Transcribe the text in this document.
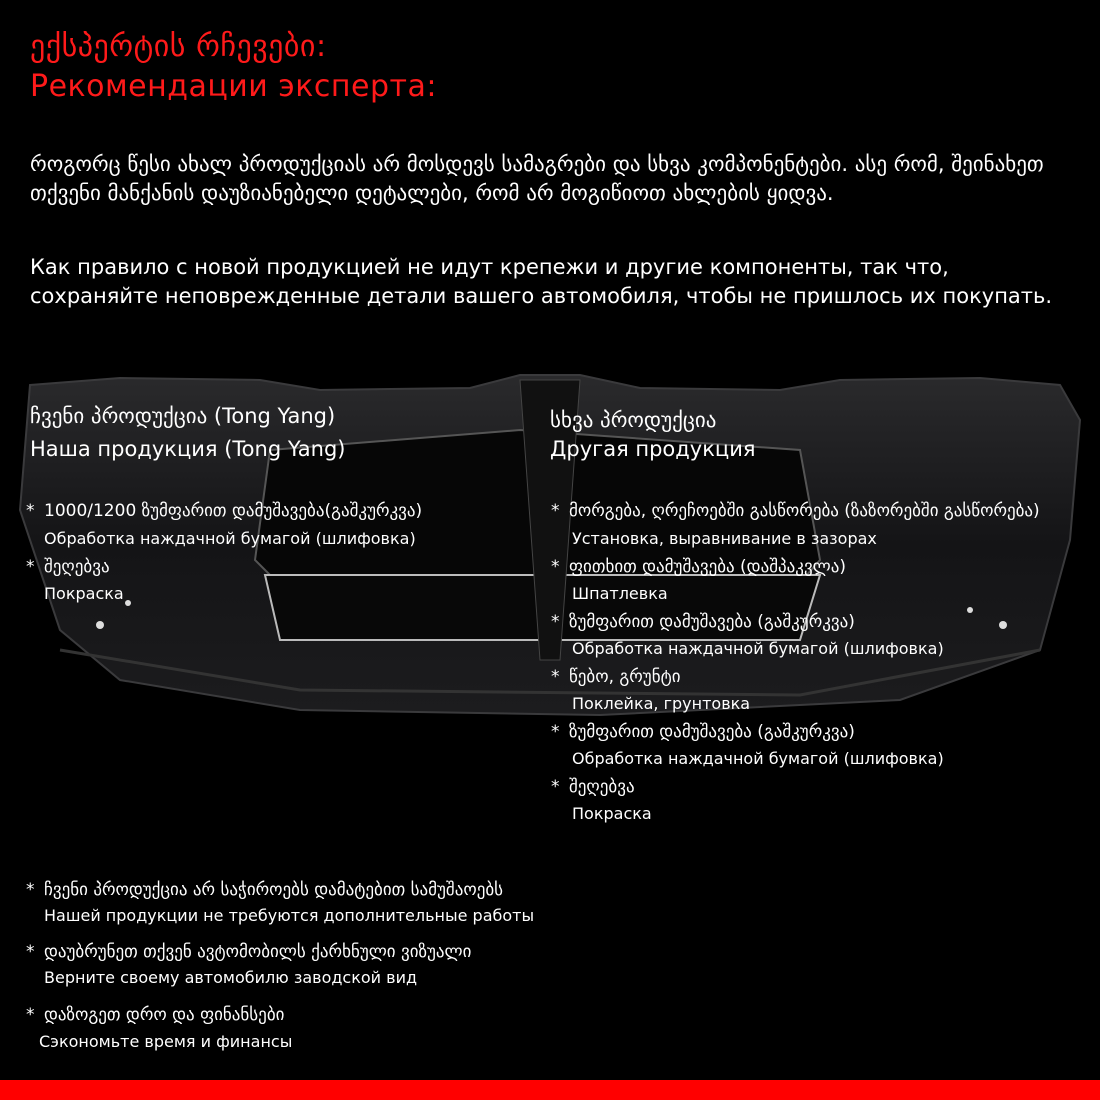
ექსპერტის რჩევები:
Рекомендации эксперта:
როგორც წესი ახალ პროდუქციას არ მოსდევს სამაგრები და სხვა კომპონენტები. ასე რომ, შეინახეთ თქვენი მანქანის დაუზიანებელი დეტალები, რომ არ მოგიწიოთ ახლების ყიდვა.
Как правило с новой продукцией не идут крепежи и другие компоненты, так что, сохраняйте неповрежденные детали вашего автомобиля, чтобы не пришлось их покупать.
ჩვენი პროდუქცია (Tong Yang)
Наша продукция (Tong Yang)
* 1000/1200 ზუმფარით დამუშავება(გაშკურკვა)
Обработка наждачной бумагой (шлифовка)
* შეღებვა
Покраска
სხვა პროდუქცია
Другая продукция
* მორგება, ღრეჩოებში გასწორება (ზაზორებში გასწორება)
Установка, выравнивание в зазорах
* ფითხით დამუშავება (დაშპაკვლა)
Шпатлевка
* ზუმფარით დამუშავება (გაშკურკვა)
Обработка наждачной бумагой (шлифовка)
* წებო, გრუნტი
Поклейка, грунтовка
* ზუმფარით დამუშავება (გაშკურკვა)
Обработка наждачной бумагой (шлифовка)
* შეღებვა
Покраска
* ჩვენი პროდუქცია არ საჭიროებს დამატებით სამუშაოებს
Нашей продукции не требуются дополнительные работы
* დაუბრუნეთ თქვენ ავტომობილს ქარხნული ვიზუალი
Верните своему автомобилю заводской вид
* დაზოგეთ დრო და ფინანსები
Сэкономьте время и финансы
